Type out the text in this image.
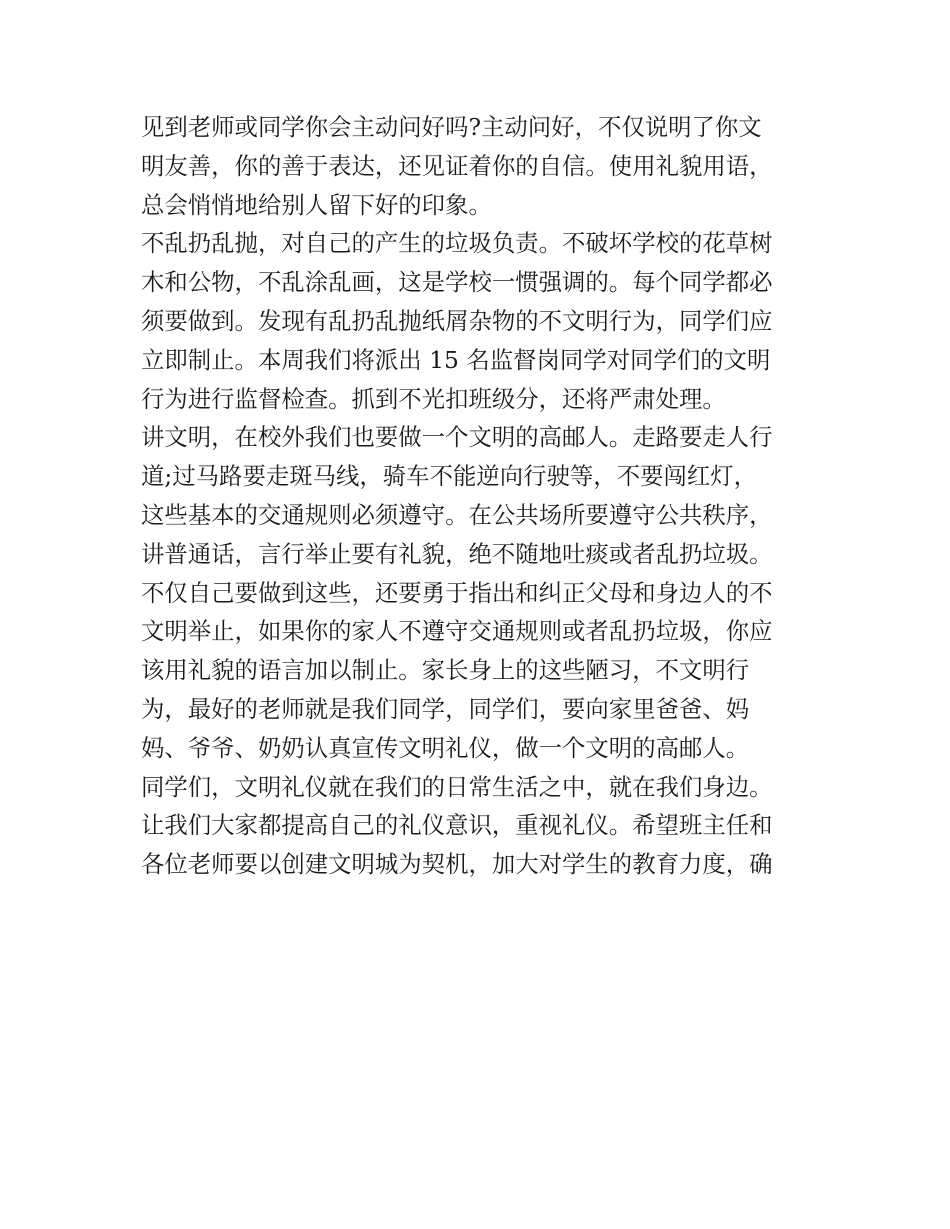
见到老师或同学你会主动问好吗?主动问好，不仅说明了你文
明友善，你的善于表达，还见证着你的自信。使用礼貌用语，
总会悄悄地给别人留下好的印象。
不乱扔乱抛，对自己的产生的垃圾负责。不破坏学校的花草树
木和公物，不乱涂乱画，这是学校一惯强调的。每个同学都必
须要做到。发现有乱扔乱抛纸屑杂物的不文明行为，同学们应
立即制止。本周我们将派出 15 名监督岗同学对同学们的文明
行为进行监督检查。抓到不光扣班级分，还将严肃处理。
讲文明，在校外我们也要做一个文明的高邮人。走路要走人行
道;过马路要走斑马线，骑车不能逆向行驶等，不要闯红灯，
这些基本的交通规则必须遵守。在公共场所要遵守公共秩序，
讲普通话，言行举止要有礼貌，绝不随地吐痰或者乱扔垃圾。
不仅自己要做到这些，还要勇于指出和纠正父母和身边人的不
文明举止，如果你的家人不遵守交通规则或者乱扔垃圾，你应
该用礼貌的语言加以制止。家长身上的这些陋习，不文明行
为，最好的老师就是我们同学，同学们，要向家里爸爸、妈
妈、爷爷、奶奶认真宣传文明礼仪，做一个文明的高邮人。
同学们，文明礼仪就在我们的日常生活之中，就在我们身边。
让我们大家都提高自己的礼仪意识，重视礼仪。希望班主任和
各位老师要以创建文明城为契机，加大对学生的教育力度，确
